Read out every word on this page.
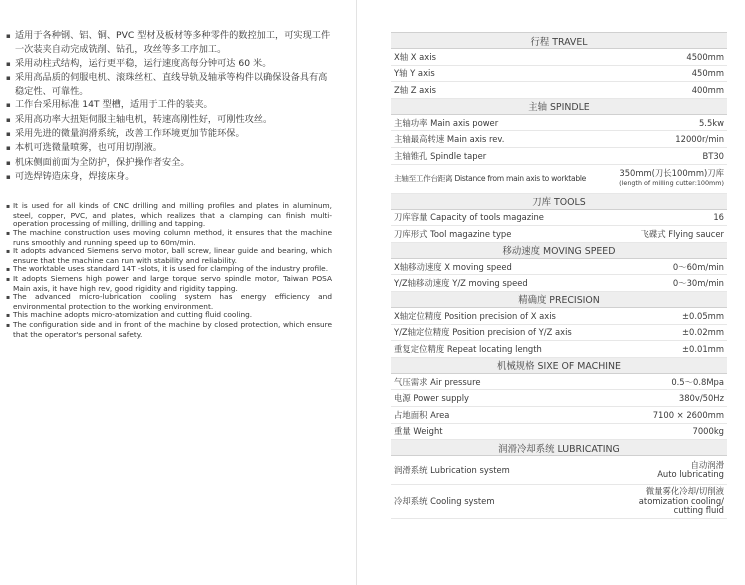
▪ 适用于各种钢、铝、铜、PVC 型材及板材等多种零件的数控加工，可实现工件一次装夹自动完成铣削、钻孔，攻丝等多工序加工。
▪ 采用动柱式结构，运行更平稳，运行速度高每分钟可达 60 米。
▪ 采用高品质的伺服电机、滚珠丝杠、直线导轨及轴承等构件以确保设备具有高稳定性、可靠性。
▪ 工作台采用标准 14T 型槽，适用于工件的装夹。
▪ 采用高功率大扭矩伺服主轴电机，转速高刚性好，可刚性攻丝。
▪ 采用先进的微量润滑系统，改善工作环境更加节能环保。
▪ 本机可选微量喷雾，也可用切削液。
▪ 机床侧面前面为全防护，保护操作者安全。
▪ 可选焊铸造床身，焊接床身。
▪ It is used for all kinds of CNC drilling and milling profiles and plates in aluminum, steel, copper, PVC, and plates, which realizes that a clamping can finish multi-operation processing of milling, drilling and tapping.
▪ The machine construction uses moving column method, it ensures that the machine runs smoothly and running speed up to 60m/min.
▪ It adopts advanced Siemens servo motor, ball screw, linear guide and bearing, which ensure that the machine can run with stability and reliability.
▪ The worktable uses standard 14T -slots, it is used for clamping of the industry profile.
▪ It adopts Siemens high power and large torque servo spindle motor, Taiwan POSA Main axis, it have high rev, good rigidity and rigidity tapping.
▪ The advanced micro-lubrication cooling system has energy efficiency and environmental protection to the working environment.
▪ This machine adopts micro-atomization and cutting fluid cooling.
▪ The configuration side and in front of the machine by closed protection, which ensure that the operator's personal safety.
行程 TRAVEL	
X轴 X axis	4500mm
Y轴 Y axis	450mm
Z轴 Z axis	400mm
主轴 SPINDLE	
主轴功率 Main axis power	5.5kw
主轴最高转速 Main axis rev.	12000r/min
主轴锥孔 Spindle taper	BT30
主轴至工作台距离 Distance from main axis to worktable	350mm(刀长100mm)刀库
(length of milling cutter:100mm)

刀库 TOOLS	
刀库容量 Capacity of tools magazine	16
刀库形式 Tool magazine type	飞碟式 Flying saucer
移动速度 MOVING SPEED	
X轴移动速度 X moving speed	0～60m/min
Y/Z轴移动速度 Y/Z moving speed	0～30m/min
精确度 PRECISION	
X轴定位精度 Position precision of X axis	±0.05mm
Y/Z轴定位精度 Position precision of Y/Z axis	±0.02mm
重复定位精度 Repeat locating length	±0.01mm
机械规格 SIXE OF MACHINE	
气压需求 Air pressure	0.5～0.8Mpa
电源 Power supply	380v/50Hz
占地面积 Area	7100 × 2600mm
重量 Weight	7000kg
润滑冷却系统 LUBRICATING	
润滑系统 Lubrication system	自动润滑
Auto lubricating

冷却系统 Cooling system	微量雾化冷却/切削液
atomization cooling/
cutting fluid
